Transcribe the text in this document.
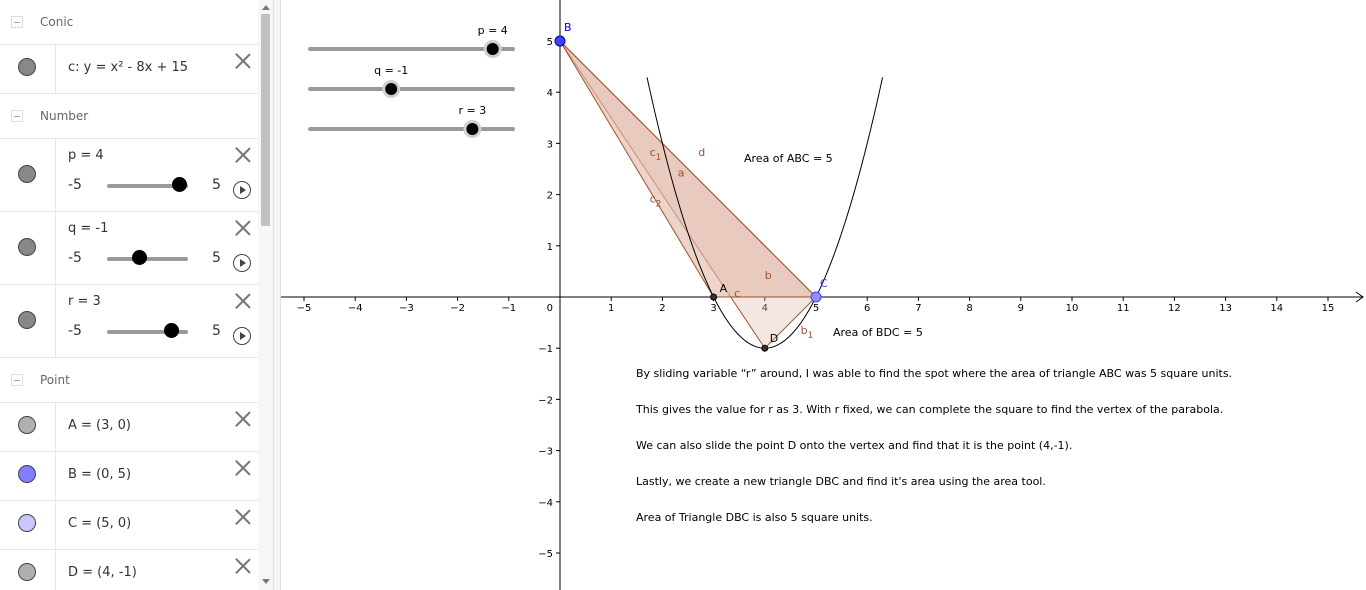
Conic
c: y = x² - 8x + 15
Number
p = 4
-5	5
q = -1
-5	5
r = 3
-5	5
Point
A = (3, 0)
B = (0, 5)
C = (5, 0)
D = (4, -1)
−5	−4	−3	−2	−1	1	2	3	4	5	6	7	8	9	10	11	12	13	14	15
−5
−4
−3
−2
−1
1
2
3
4
5
0
a
b
c
d
$b_1$
$c_1$
$c_2$
A
B
C
D
Area of ABC = 5
Area of BDC = 5
By sliding variable “r” around, I was able to find the spot where the area of triangle ABC was 5 square units.
This gives the value for r as 3. With r fixed, we can complete the square to find the vertex of the parabola.
We can also slide the point D onto the vertex and find that it is the point (4,-1).
Lastly, we create a new triangle DBC and find it's area using the area tool.
Area of Triangle DBC is also 5 square units.
p = 4
q = -1
r = 3
